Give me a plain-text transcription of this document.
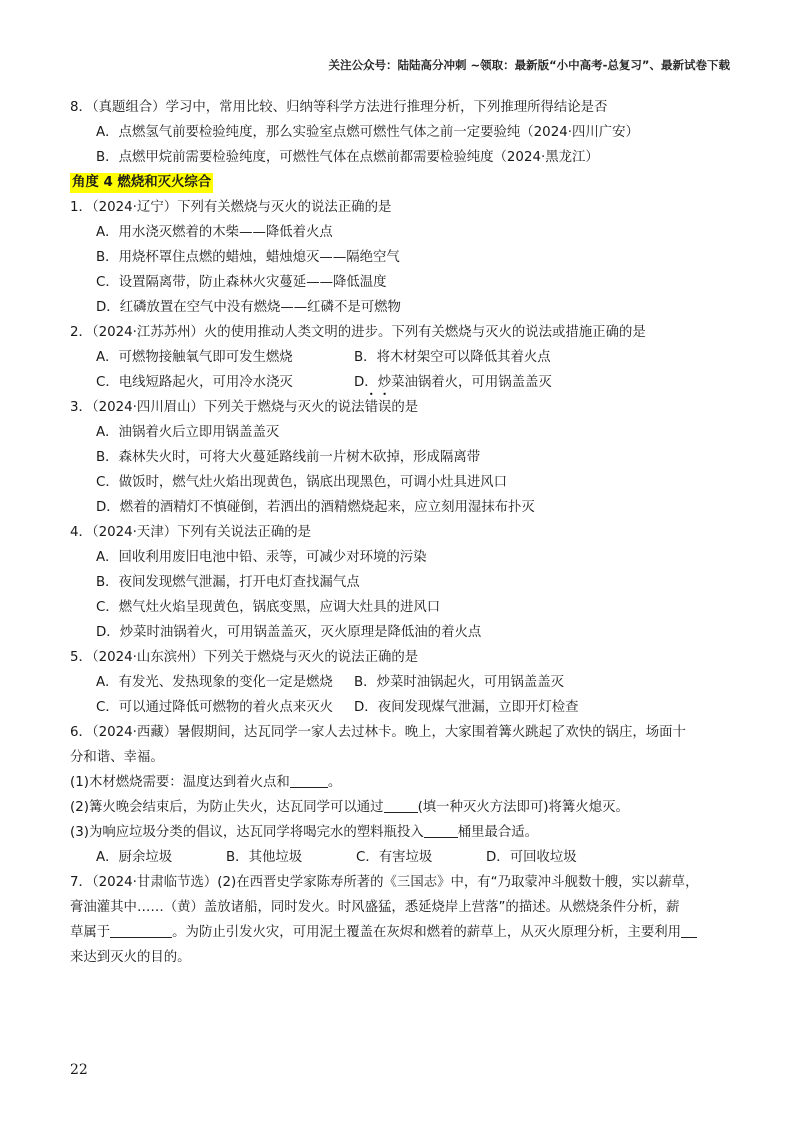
关注公众号：陆陆高分冲刺 ~领取：最新版“小中高考-总复习”、最新试卷下载
8．（真题组合）学习中，常用比较、归纳等科学方法进行推理分析，下列推理所得结论是否
A．点燃氢气前要检验纯度，那么实验室点燃可燃性气体之前一定要验纯（2024·四川广安）
B．点燃甲烷前需要检验纯度，可燃性气体在点燃前都需要检验纯度（2024·黑龙江）
角度 4 燃烧和灭火综合
1．（2024·辽宁）下列有关燃烧与灭火的说法正确的是
A．用水浇灭燃着的木柴——降低着火点
B．用烧杯罩住点燃的蜡烛，蜡烛熄灭——隔绝空气
C．设置隔离带，防止森林火灾蔓延——降低温度
D．红磷放置在空气中没有燃烧——红磷不是可燃物
2．（2024·江苏苏州）火的使用推动人类文明的进步。下列有关燃烧与灭火的说法或措施正确的是
A．可燃物接触氧气即可发生燃烧	B．将木材架空可以降低其着火点
C．电线短路起火，可用冷水浇灭	D．炒菜油锅着火，可用锅盖盖灭
3．（2024·四川眉山）下列关于燃烧与灭火的说法错误的是
A．油锅着火后立即用锅盖盖灭
B．森林失火时，可将大火蔓延路线前一片树木砍掉，形成隔离带
C．做饭时，燃气灶火焰出现黄色，锅底出现黑色，可调小灶具进风口
D．燃着的酒精灯不慎碰倒，若洒出的酒精燃烧起来，应立刻用湿抹布扑灭
4．（2024·天津）下列有关说法正确的是
A．回收利用废旧电池中铅、汞等，可减少对环境的污染
B．夜间发现燃气泄漏，打开电灯查找漏气点
C．燃气灶火焰呈现黄色，锅底变黑，应调大灶具的进风口
D．炒菜时油锅着火，可用锅盖盖灭，灭火原理是降低油的着火点
5．（2024·山东滨州）下列关于燃烧与灭火的说法正确的是
A．有发光、发热现象的变化一定是燃烧 B．炒菜时油锅起火，可用锅盖盖灭
C．可以通过降低可燃物的着火点来灭火 D．夜间发现煤气泄漏，立即开灯检查
6．（2024·西藏）暑假期间，达瓦同学一家人去过林卡。晚上，大家围着篝火跳起了欢快的锅庄，场面十
分和谐、幸福。
(1)木材燃烧需要：温度达到着火点和	。
(2)篝火晚会结束后，为防止失火，达瓦同学可以通过	(填一种灭火方法即可)将篝火熄灭。
(3)为响应垃圾分类的倡议，达瓦同学将喝完水的塑料瓶投入	桶里最合适。
A．厨余垃圾	B．其他垃圾	C．有害垃圾	D．可回收垃圾
7．（2024·甘肃临节选）(2)在西晋史学家陈寿所著的《三国志》中，有“乃取蒙冲斗舰数十艘，实以薪草，
膏油灌其中……（黄）盖放诸船，同时发火。时风盛猛，悉延烧岸上营落”的描述。从燃烧条件分析，薪
草属于	。为防止引发火灾，可用泥土覆盖在灰烬和燃着的薪草上，从灭火原理分析，主要利用
来达到灭火的目的。
22
